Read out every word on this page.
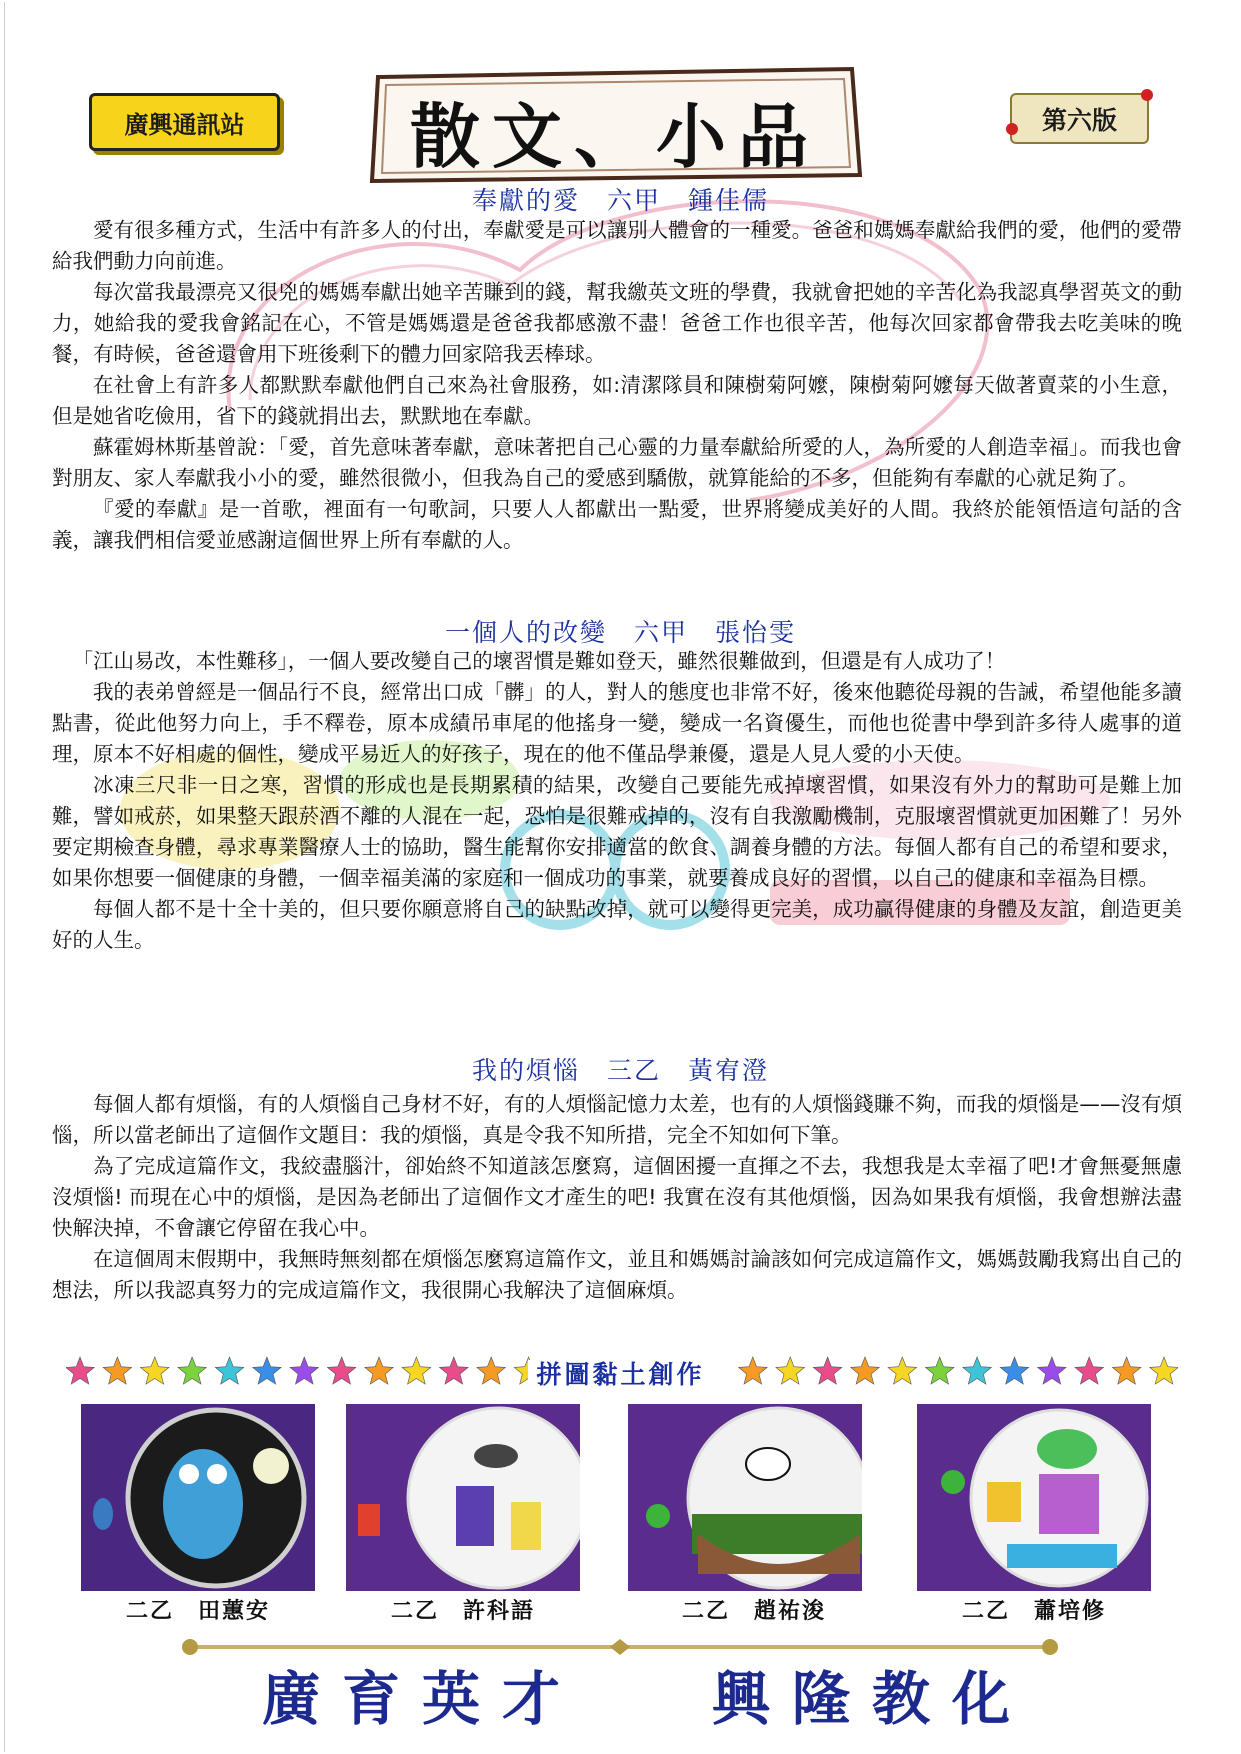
廣興通訊站	散文、小品	第六版
奉獻的愛　六甲　鍾佳儒

愛有很多種方式，生活中有許多人的付出，奉獻愛是可以讓別人體會的一種愛。爸爸和媽媽奉獻給我們的愛，他們的愛帶給我們動力向前進。

每次當我最漂亮又很兇的媽媽奉獻出她辛苦賺到的錢，幫我繳英文班的學費，我就會把她的辛苦化為我認真學習英文的動力，她給我的愛我會銘記在心，不管是媽媽還是爸爸我都感激不盡！爸爸工作也很辛苦，他每次回家都會帶我去吃美味的晚餐，有時候，爸爸還會用下班後剩下的體力回家陪我丟棒球。

在社會上有許多人都默默奉獻他們自己來為社會服務，如:清潔隊員和陳樹菊阿嬤，陳樹菊阿嬤每天做著賣菜的小生意，但是她省吃儉用，省下的錢就捐出去，默默地在奉獻。

蘇霍姆林斯基曾說：「愛，首先意味著奉獻，意味著把自己心靈的力量奉獻給所愛的人，為所愛的人創造幸福」。而我也會對朋友、家人奉獻我小小的愛，雖然很微小，但我為自己的愛感到驕傲，就算能給的不多，但能夠有奉獻的心就足夠了。

『愛的奉獻』是一首歌，裡面有一句歌詞，只要人人都獻出一點愛，世界將變成美好的人間。我終於能領悟這句話的含義，讓我們相信愛並感謝這個世界上所有奉獻的人。

一個人的改變　六甲　張怡雯

「江山易改，本性難移」，一個人要改變自己的壞習慣是難如登天，雖然很難做到，但還是有人成功了！

我的表弟曾經是一個品行不良，經常出口成「髒」的人，對人的態度也非常不好，後來他聽從母親的告誡，希望他能多讀點書，從此他努力向上，手不釋卷，原本成績吊車尾的他搖身一變，變成一名資優生，而他也從書中學到許多待人處事的道理，原本不好相處的個性，變成平易近人的好孩子，現在的他不僅品學兼優，還是人見人愛的小天使。

冰凍三尺非一日之寒，習慣的形成也是長期累積的結果，改變自己要能先戒掉壞習慣，如果沒有外力的幫助可是難上加難，譬如戒菸，如果整天跟菸酒不離的人混在一起，恐怕是很難戒掉的，沒有自我激勵機制，克服壞習慣就更加困難了！另外要定期檢查身體，尋求專業醫療人士的協助，醫生能幫你安排適當的飲食、調養身體的方法。每個人都有自己的希望和要求，如果你想要一個健康的身體，一個幸福美滿的家庭和一個成功的事業，就要養成良好的習慣，以自己的健康和幸福為目標。

每個人都不是十全十美的，但只要你願意將自己的缺點改掉，就可以變得更完美，成功贏得健康的身體及友誼，創造更美好的人生。

我的煩惱　三乙　黃宥澄

每個人都有煩惱，有的人煩惱自己身材不好，有的人煩惱記憶力太差，也有的人煩惱錢賺不夠，而我的煩惱是——沒有煩惱，所以當老師出了這個作文題目：我的煩惱，真是令我不知所措，完全不知如何下筆。

為了完成這篇作文，我絞盡腦汁，卻始終不知道該怎麼寫，這個困擾一直揮之不去，我想我是太幸福了吧!才會無憂無慮沒煩惱! 而現在心中的煩惱，是因為老師出了這個作文才產生的吧! 我實在沒有其他煩惱，因為如果我有煩惱，我會想辦法盡快解決掉，不會讓它停留在我心中。

在這個周末假期中，我無時無刻都在煩惱怎麼寫這篇作文，並且和媽媽討論該如何完成這篇作文，媽媽鼓勵我寫出自己的想法，所以我認真努力的完成這篇作文，我很開心我解決了這個麻煩。

拼圖黏土創作
二乙　田蕙安	二乙　許科語	二乙　趙祐浚	二乙　蕭培修
廣育英才 興隆教化
